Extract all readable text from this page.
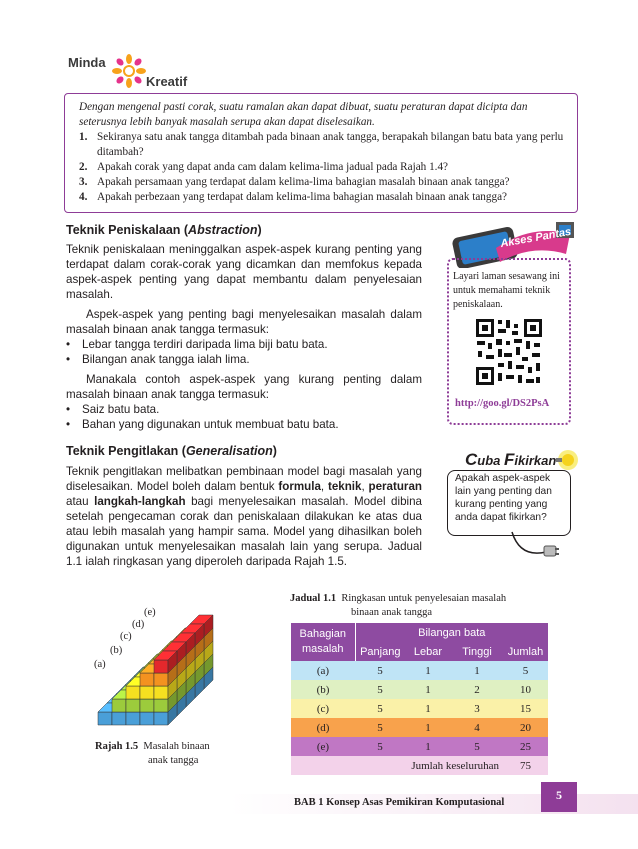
Minda
Kreatif
Dengan mengenal pasti corak, suatu ramalan akan dapat dibuat, suatu peraturan dapat dicipta dan seterusnya lebih banyak masalah serupa akan dapat diselesaikan.
1. Sekiranya satu anak tangga ditambah pada binaan anak tangga, berapakah bilangan batu bata yang perlu ditambah?
2. Apakah corak yang dapat anda cam dalam kelima-lima jadual pada Rajah 1.4?
3. Apakah persamaan yang terdapat dalam kelima-lima bahagian masalah binaan anak tangga?
4. Apakah perbezaan yang terdapat dalam kelima-lima bahagian masalah binaan anak tangga?
Teknik Peniskalaan (Abstraction)

Teknik peniskalaan meninggalkan aspek-aspek kurang penting yang terdapat dalam corak-corak yang dicamkan dan memfokus kepada aspek-aspek penting yang dapat membantu dalam penyelesaian masalah.

Aspek-aspek yang penting bagi menyelesaikan masalah dalam masalah binaan anak tangga termasuk:

•	Lebar tangga terdiri daripada lima biji batu bata.
•	Bilangan anak tangga ialah lima.

Manakala contoh aspek-aspek yang kurang penting dalam masalah binaan anak tangga termasuk:

•	Saiz batu bata.
•	Bahan yang digunakan untuk membuat batu bata.
Teknik Pengitlakan (Generalisation)

Teknik pengitlakan melibatkan pembinaan model bagi masalah yang diselesaikan. Model boleh dalam bentuk formula, teknik, peraturan atau langkah-langkah bagi menyelesaikan masalah. Model dibina setelah pengecaman corak dan peniskalaan dilakukan ke atas dua atau lebih masalah yang hampir sama. Model yang dihasilkan boleh digunakan untuk menyelesaikan masalah lain yang serupa. Jadual 1.1 ialah ringkasan yang diperoleh daripada Rajah 1.5.

Akses Pantas
Layari laman sesawang ini untuk memahami teknik peniskalaan.
http://goo.gl/DS2PsA
Cuba Fikirkan
Apakah aspek-aspek lain yang penting dan kurang penting yang anda dapat fikirkan?
(a)
(b)
(c)
(d)
(e)
Rajah 1.5 Masalah binaan
anak tangga
Jadual 1.1 Ringkasan untuk penyelesaian masalah
binaan anak tangga
Bahagian
masalah	Bilangan bata			
	Panjang	Lebar	Tinggi	Jumlah
(a)	5	1	1	5
(b)	5	1	2	10
(c)	5	1	3	15
(d)	5	1	4	20
(e)	5	1	5	25
Jumlah keseluruhan				75
BAB 1 Konsep Asas Pemikiran Komputasional
5
